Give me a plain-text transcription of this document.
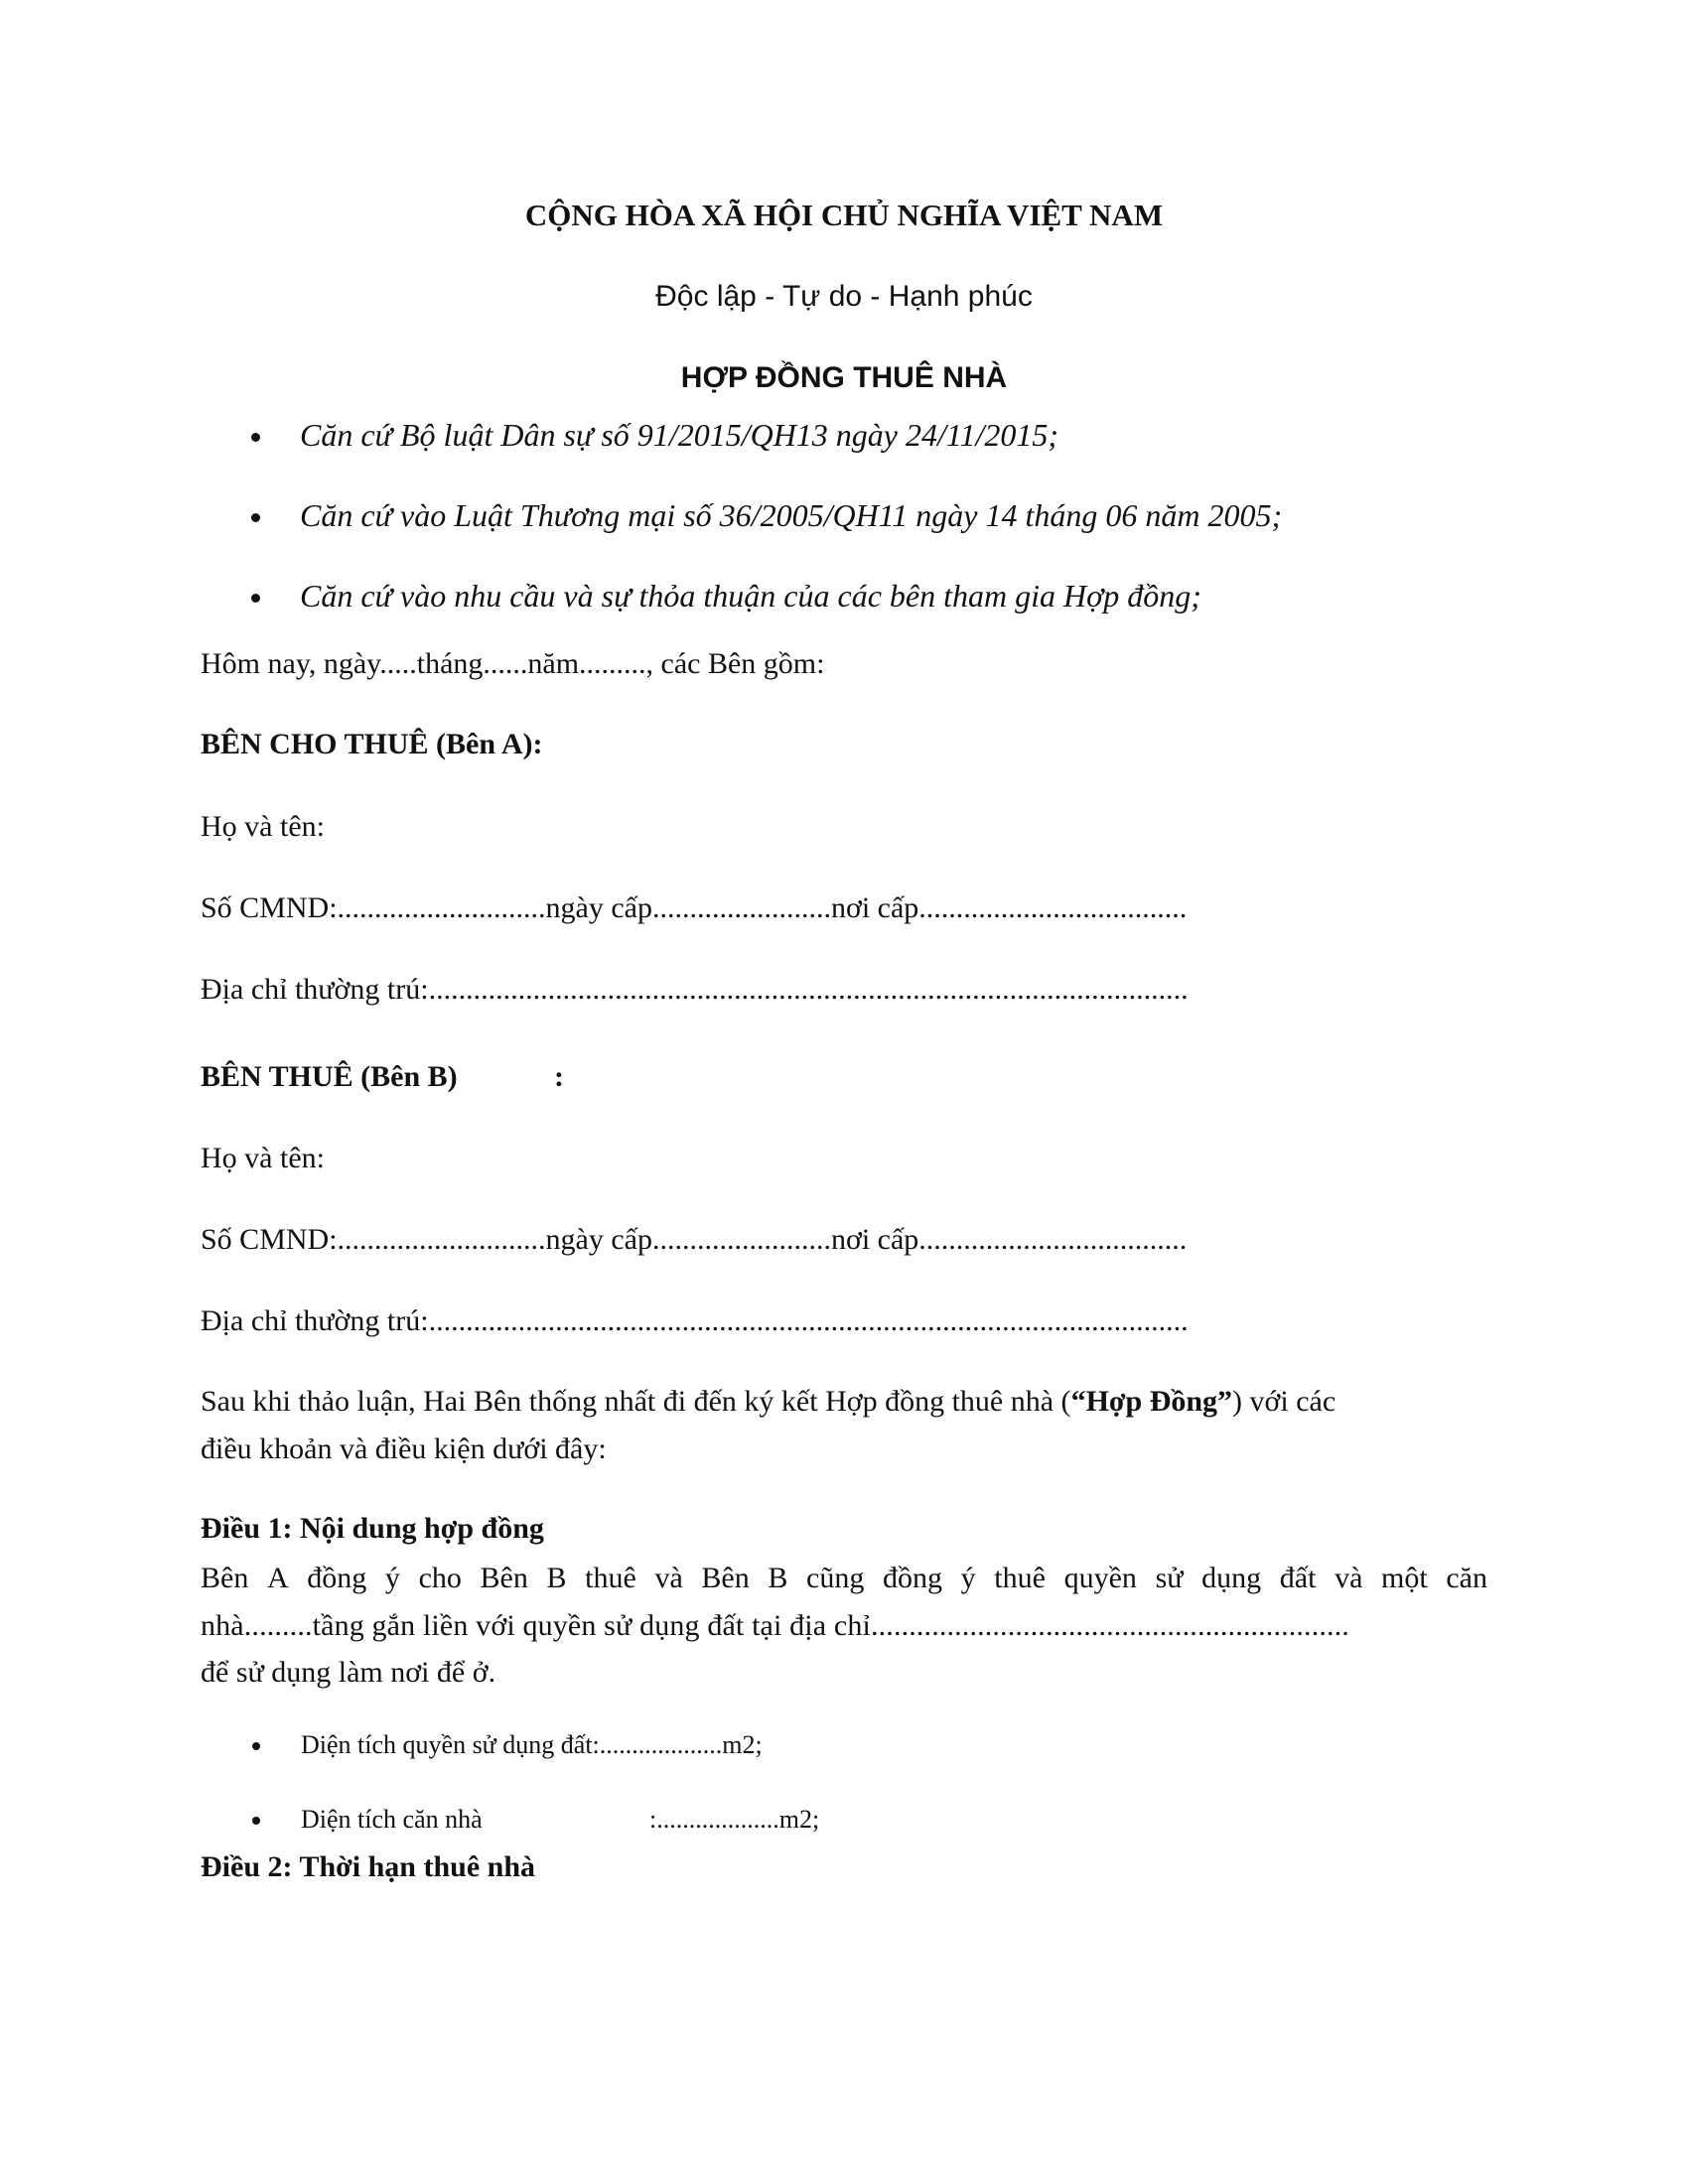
CỘNG HÒA XÃ HỘI CHỦ NGHĨA VIỆT NAM
Độc lập - Tự do - Hạnh phúc
HỢP ĐỒNG THUÊ NHÀ
Căn cứ Bộ luật Dân sự số 91/2015/QH13 ngày 24/11/2015;
Căn cứ vào Luật Thương mại số 36/2005/QH11 ngày 14 tháng 06 năm 2005;
Căn cứ vào nhu cầu và sự thỏa thuận của các bên tham gia Hợp đồng;
Hôm nay, ngày.....tháng......năm........., các Bên gồm:
BÊN CHO THUÊ (Bên A):
Họ và tên:
Số CMND:............................ngày cấp........................nơi cấp....................................
Địa chỉ thường trú:......................................................................................................
BÊN THUÊ (Bên B)	:
Họ và tên:
Số CMND:............................ngày cấp........................nơi cấp....................................
Địa chỉ thường trú:......................................................................................................
Sau khi thảo luận, Hai Bên thống nhất đi đến ký kết Hợp đồng thuê nhà (“Hợp Đồng”) với các
điều khoản và điều kiện dưới đây:
Điều 1: Nội dung hợp đồng
Bên A đồng ý cho Bên B thuê và Bên B cũng đồng ý thuê quyền sử dụng đất và một căn
nhà.........tầng gắn liền với quyền sử dụng đất tại địa chỉ...............................................................
để sử dụng làm nơi để ở.
Diện tích quyền sử dụng đất:...................m2;
Diện tích căn nhà	:...................m2;
Điều 2: Thời hạn thuê nhà
